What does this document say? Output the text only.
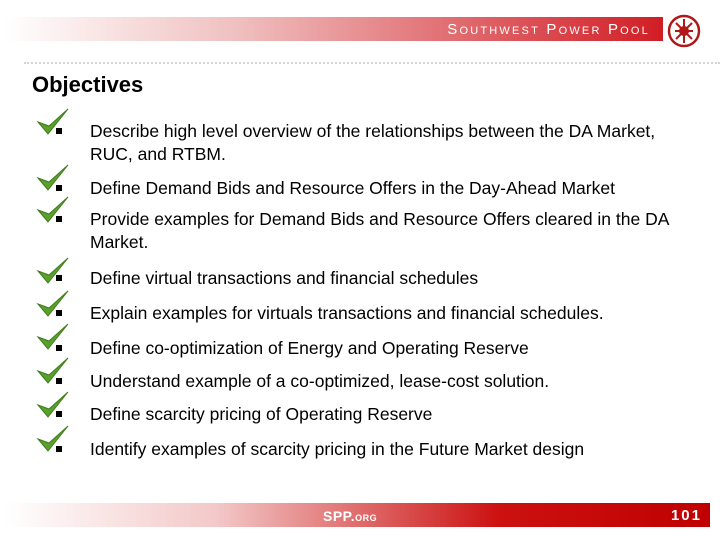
Southwest Power Pool
Objectives

Describe high level overview of the relationships between the DA Market, RUC, and RTBM.

Define Demand Bids and Resource Offers in the Day-Ahead Market

Provide examples for Demand Bids and Resource Offers cleared in the DA Market.

Define virtual transactions and financial schedules

Explain examples for virtuals transactions and financial schedules.

Define co-optimization of Energy and Operating Reserve

Understand example of a co-optimized, lease-cost solution.

Define scarcity pricing of Operating Reserve

Identify examples of scarcity pricing in the Future Market design

SPP.org	101
